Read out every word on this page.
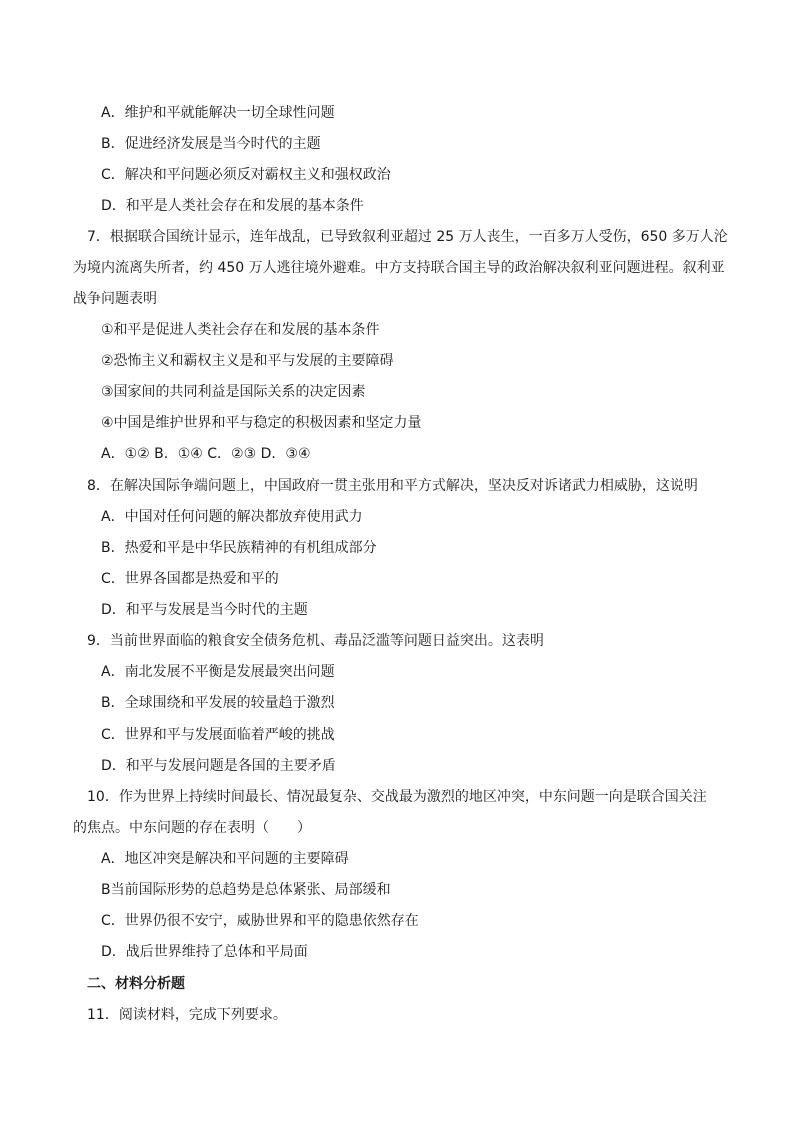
A．维护和平就能解决一切全球性问题
B．促进经济发展是当今时代的主题
C．解决和平问题必须反对霸权主义和强权政治
D．和平是人类社会存在和发展的基本条件
7．根据联合国统计显示，连年战乱，已导致叙利亚超过 25 万人丧生，一百多万人受伤，650 多万人沦
为境内流离失所者，约 450 万人逃往境外避难。中方支持联合国主导的政治解决叙利亚问题进程。叙利亚
战争问题表明
①和平是促进人类社会存在和发展的基本条件
②恐怖主义和霸权主义是和平与发展的主要障碍
③国家间的共同利益是国际关系的决定因素
④中国是维护世界和平与稳定的积极因素和坚定力量
A．①② B．①④ C．②③ D．③④
8．在解决国际争端问题上，中国政府一贯主张用和平方式解决，坚决反对诉诸武力相威胁，这说明
A．中国对任何问题的解决都放弃使用武力
B．热爱和平是中华民族精神的有机组成部分
C．世界各国都是热爱和平的
D．和平与发展是当今时代的主题
9．当前世界面临的粮食安全债务危机、毒品泛滥等问题日益突出。这表明
A．南北发展不平衡是发展最突出问题
B．全球围绕和平发展的较量趋于激烈
C．世界和平与发展面临着严峻的挑战
D．和平与发展问题是各国的主要矛盾
10．作为世界上持续时间最长、情况最复杂、交战最为激烈的地区冲突，中东问题一向是联合国关注
的焦点。中东问题的存在表明（　　）
A．地区冲突是解决和平问题的主要障碍
B当前国际形势的总趋势是总体紧张、局部缓和
C．世界仍很不安宁，威胁世界和平的隐患依然存在
D．战后世界维持了总体和平局面
二、材料分析题
11．阅读材料，完成下列要求。
